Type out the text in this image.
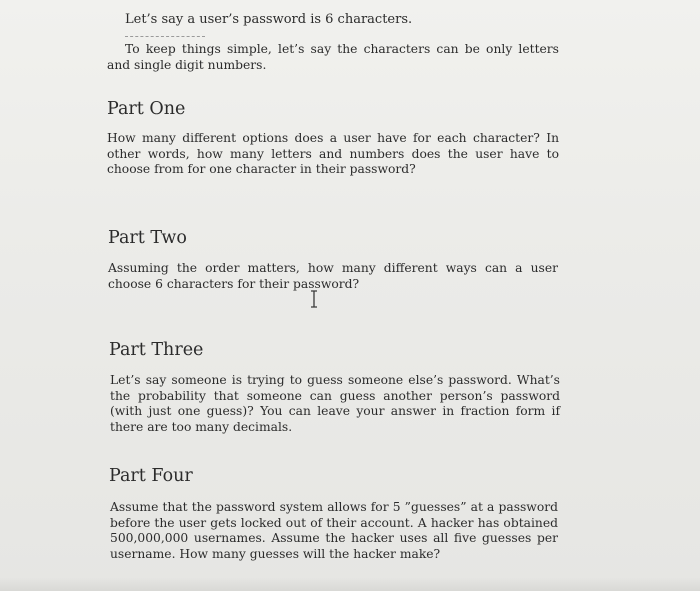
Let’s say a user’s password is 6 characters.
To keep things simple, let’s say the characters can be only letters and single digit numbers.
Part One
How many different options does a user have for each character? In other words, how many letters and numbers does the user have to choose from for one character in their password?
Part Two
Assuming the order matters, how many different ways can a user choose 6 characters for their password?
Part Three
Let’s say someone is trying to guess someone else’s password. What’s the probability that someone can guess another person’s password (with just one guess)? You can leave your answer in fraction form if there are too many decimals.
Part Four
Assume that the password system allows for 5 ”guesses” at a password before the user gets locked out of their account. A hacker has obtained 500,000,000 usernames. Assume the hacker uses all five guesses per username. How many guesses will the hacker make?
